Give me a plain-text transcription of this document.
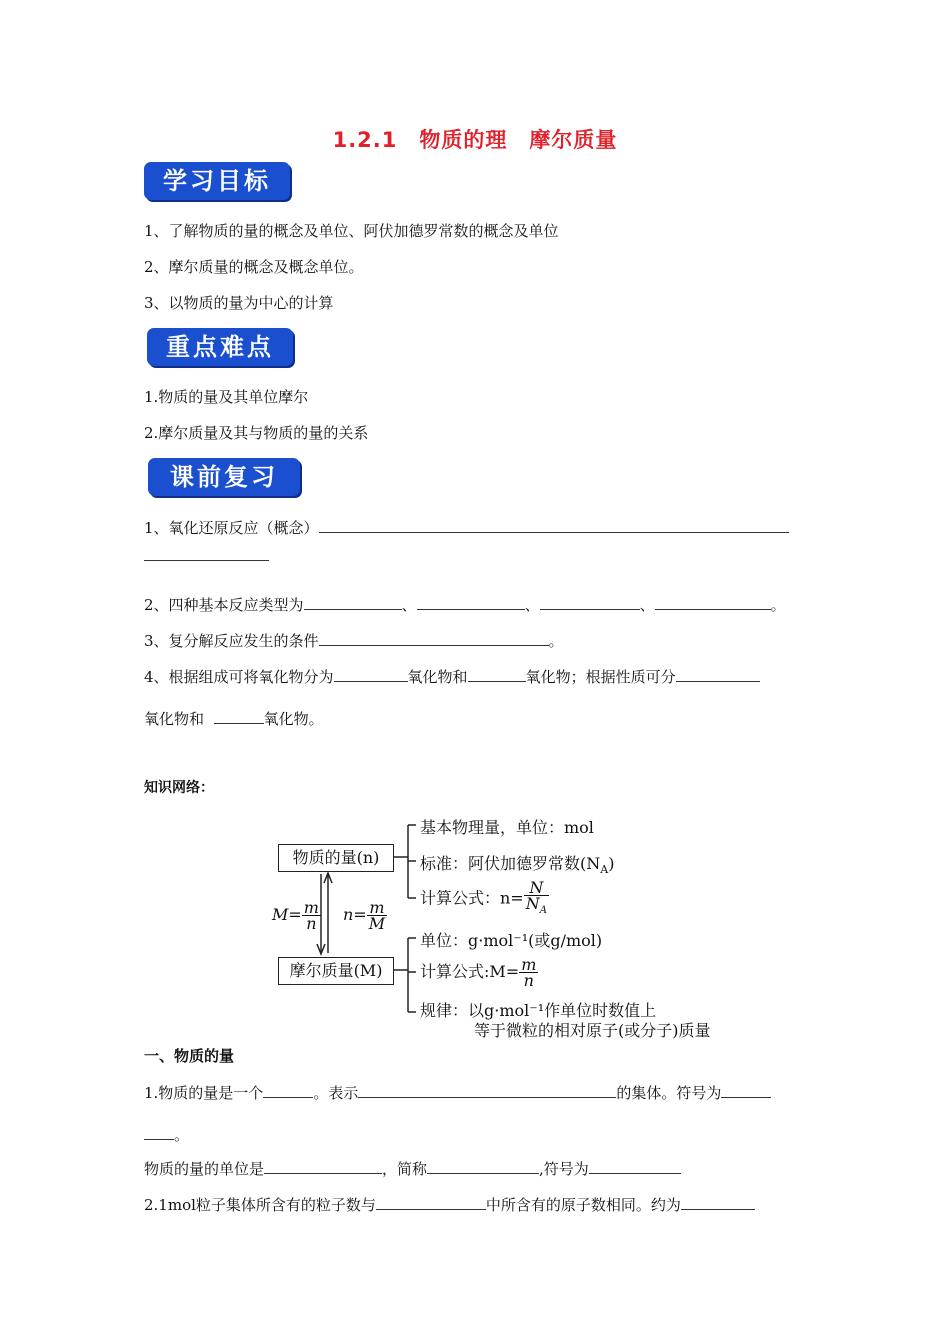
1.2.1　物质的理　摩尔质量
学习目标
1、了解物质的量的概念及单位、阿伏加德罗常数的概念及单位
2、摩尔质量的概念及概念单位。
3、以物质的量为中心的计算
重点难点
1.物质的量及其单位摩尔
2.摩尔质量及其与物质的量的关系
课前复习
1、氧化还原反应（概念）
2、四种基本反应类型为	、	、	、	。
3、复分解反应发生的条件	。
4、根据组成可将氧化物分为	氧化物和	氧化物；根据性质可分
氧化物和	氧化物。
知识网络：
物质的量(n)
摩尔质量(M)
$M= \frac{m}{n} n= \frac{m}{M}$
基本物理量，单位：mol
标准：阿伏加德罗常数$(N_A)$
计算公式：$n= \frac{N}{N_A}$
单位：g·mol⁻¹(或g/mol)
计算公式:M= $\frac{m}{n}$
规律：以g·mol⁻¹作单位时数值上
等于微粒的相对原子(或分子)质量
一、物质的量
1.物质的量是一个	。表示	的集体。符号为
。
物质的量的单位是	，简称	,符号为
2.1mol粒子集体所含有的粒子数与	中所含有的原子数相同。约为
